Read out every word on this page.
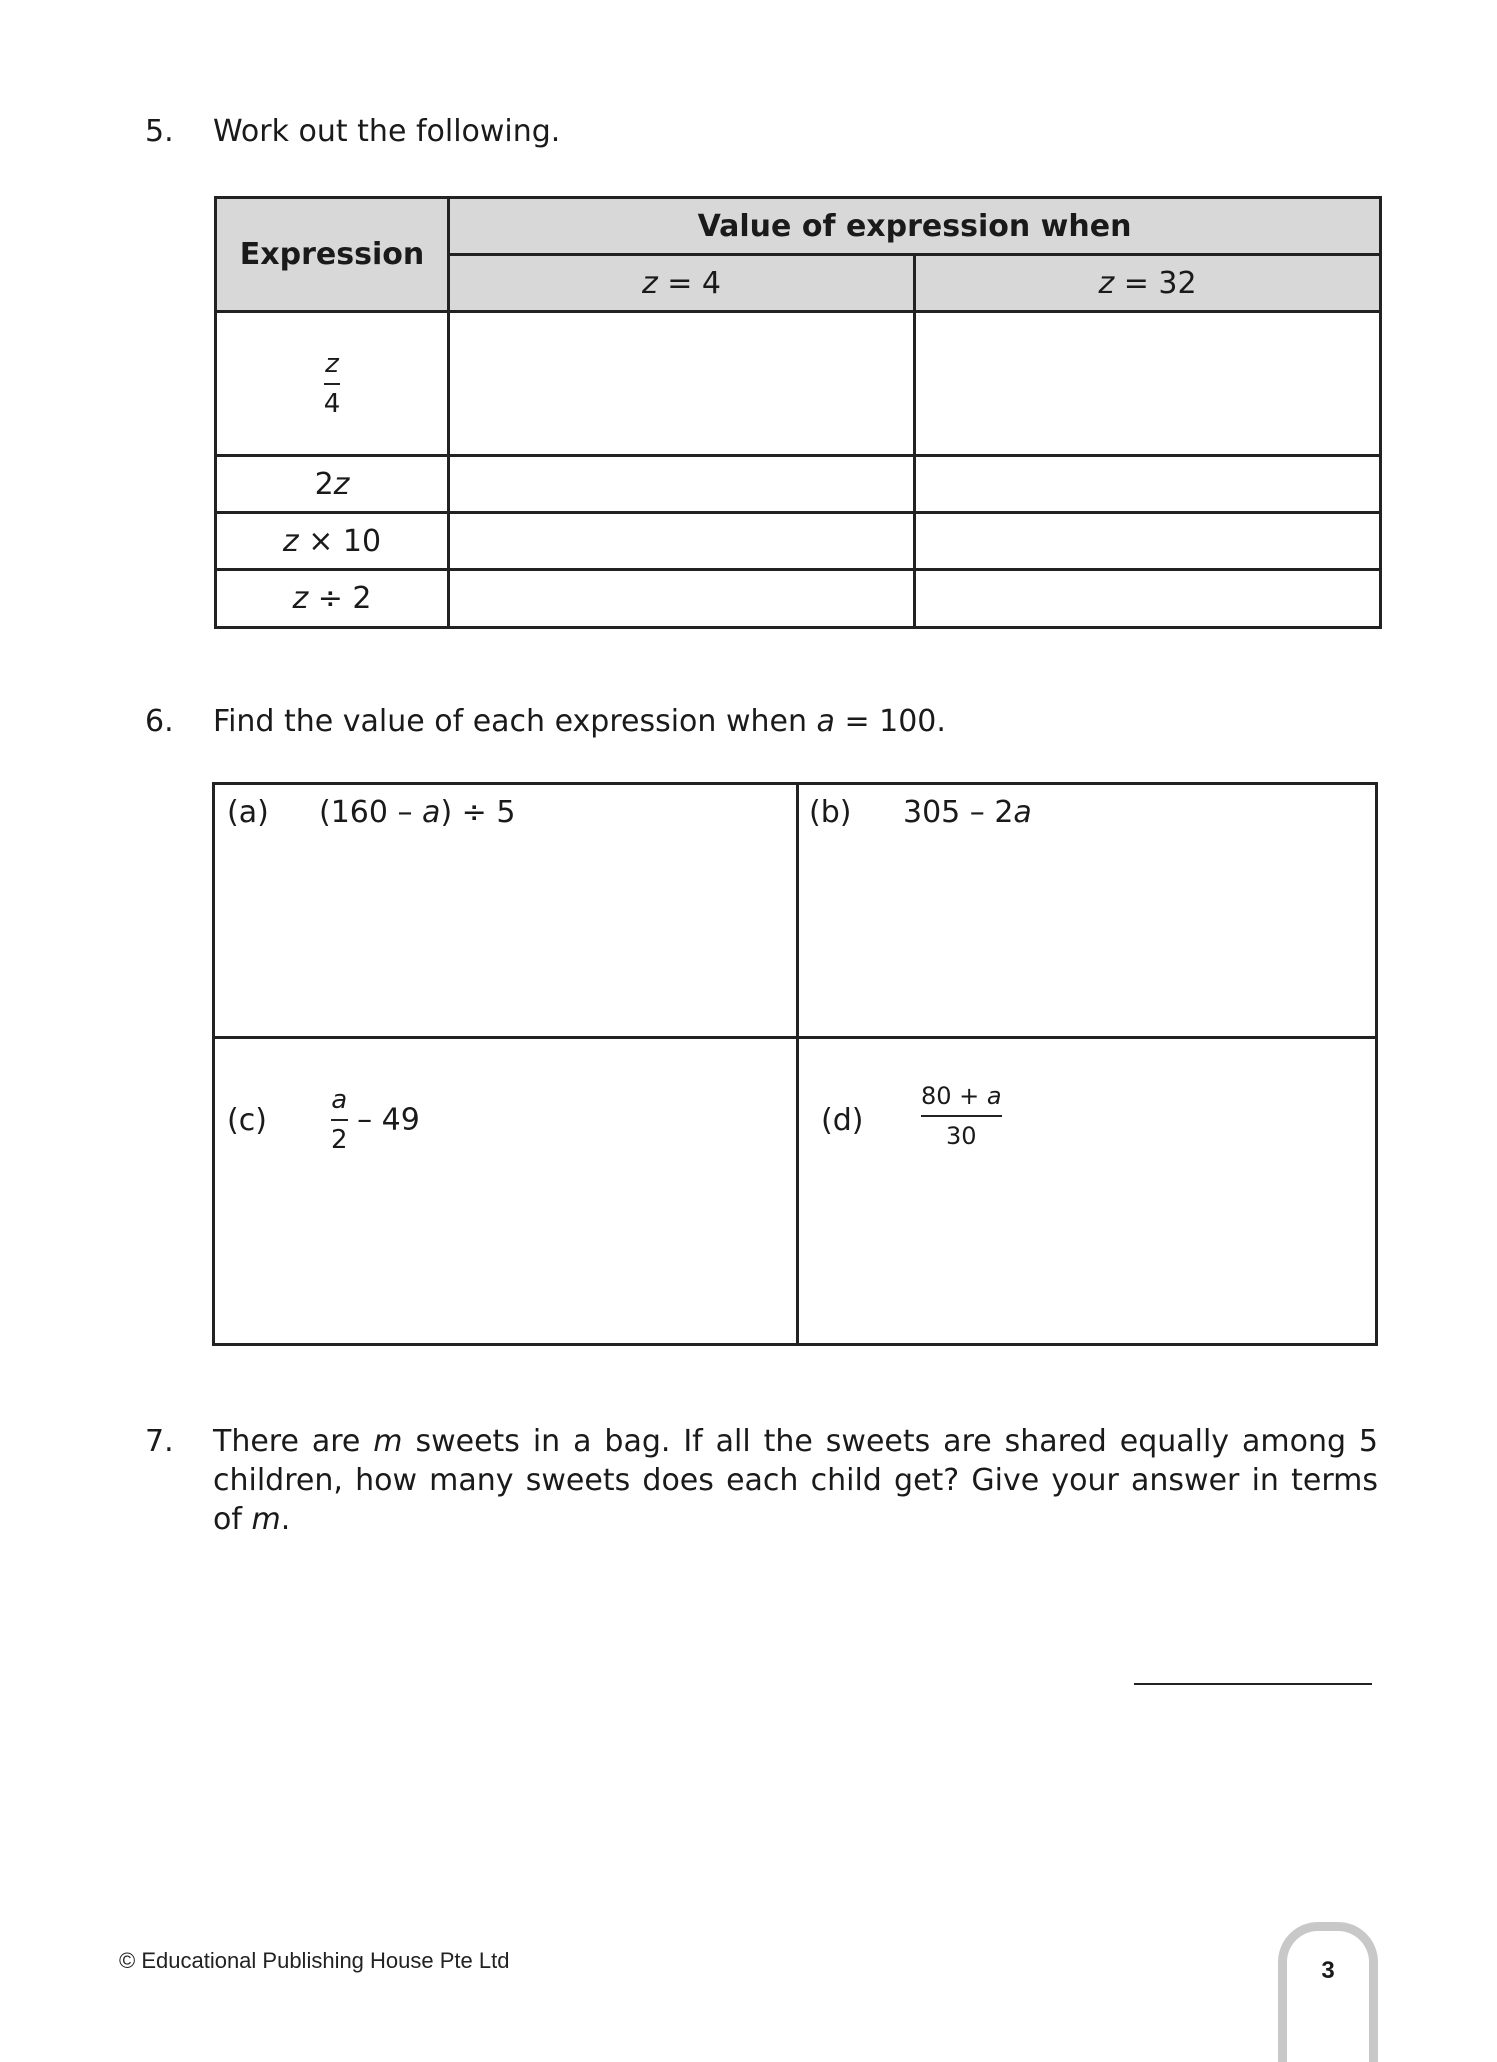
5. Work out the following.
Expression	Value of expression when	
	z = 4	z = 32

$\frac{z}{4}$

2z		
z × 10		
z ÷ 2		
6. Find the value of each expression when a = 100.
(a) (160 – a) ÷ 5	(b) 305 – 2a
$(c) \frac{a}{2} - 49$	$(d) \frac{80 + a}{30}$
7. There are m sweets in a bag. If all the sweets are shared equally among 5 children, how many sweets does each child get? Give your answer in terms of m.
© Educational Publishing House Pte Ltd	3
